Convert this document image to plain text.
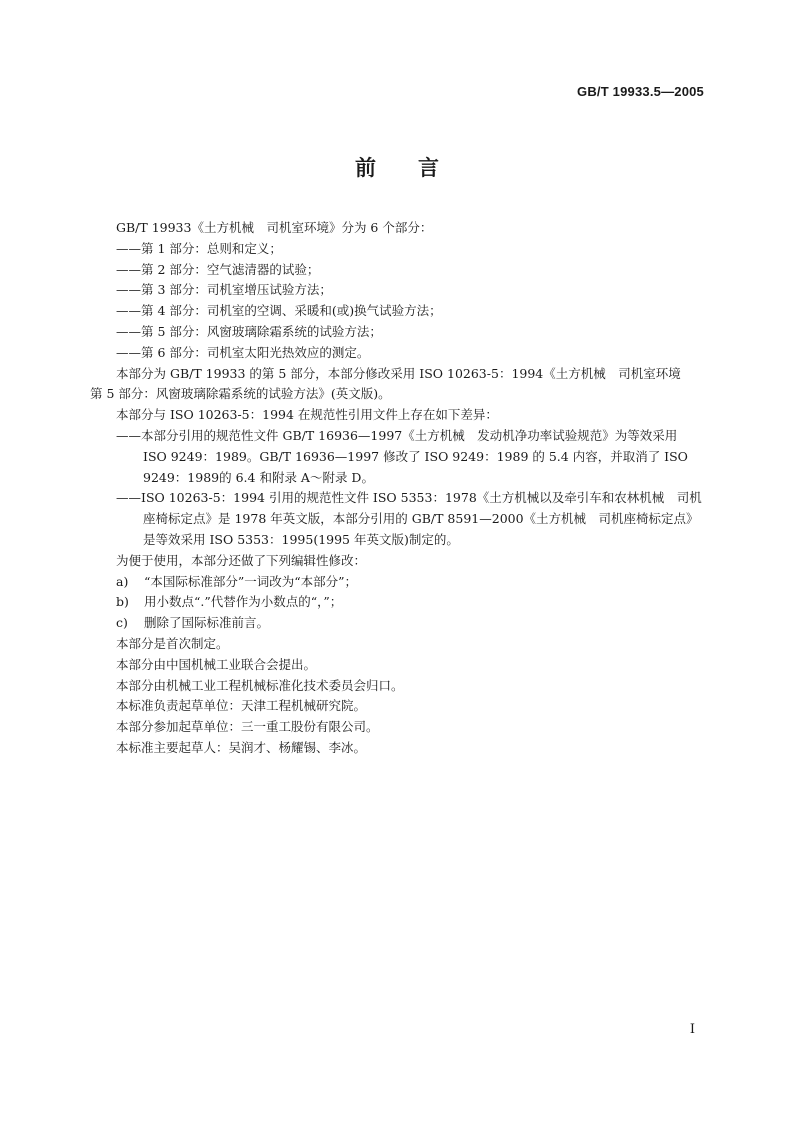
GB/T 19933.5—2005
前　　言

GB/T 19933《土方机械　司机室环境》分为 6 个部分：

——第 1 部分：总则和定义；

——第 2 部分：空气滤清器的试验；

——第 3 部分：司机室增压试验方法；

——第 4 部分：司机室的空调、采暖和(或)换气试验方法；

——第 5 部分：风窗玻璃除霜系统的试验方法；

——第 6 部分：司机室太阳光热效应的测定。

本部分为 GB/T 19933 的第 5 部分，本部分修改采用 ISO 10263-5：1994《土方机械　司机室环境　第 5 部分：风窗玻璃除霜系统的试验方法》(英文版)。

本部分与 ISO 10263-5：1994 在规范性引用文件上存在如下差异：

——本部分引用的规范性文件 GB/T 16936—1997《土方机械　发动机净功率试验规范》为等效采用 ISO 9249：1989。GB/T 16936—1997 修改了 ISO 9249：1989 的 5.4 内容，并取消了 ISO 9249：1989的 6.4 和附录 A～附录 D。

——ISO 10263-5：1994 引用的规范性文件 ISO 5353：1978《土方机械以及牵引车和农林机械　司机座椅标定点》是 1978 年英文版，本部分引用的 GB/T 8591—2000《土方机械　司机座椅标定点》是等效采用 ISO 5353：1995(1995 年英文版)制定的。

为便于使用，本部分还做了下列编辑性修改：

a) “本国际标准部分”一词改为“本部分”；

b) 用小数点“.”代替作为小数点的“，”；

c) 删除了国际标准前言。

本部分是首次制定。

本部分由中国机械工业联合会提出。

本部分由机械工业工程机械标准化技术委员会归口。

本标准负责起草单位：天津工程机械研究院。

本部分参加起草单位：三一重工股份有限公司。

本标准主要起草人：吴润才、杨耀锡、李冰。

I
